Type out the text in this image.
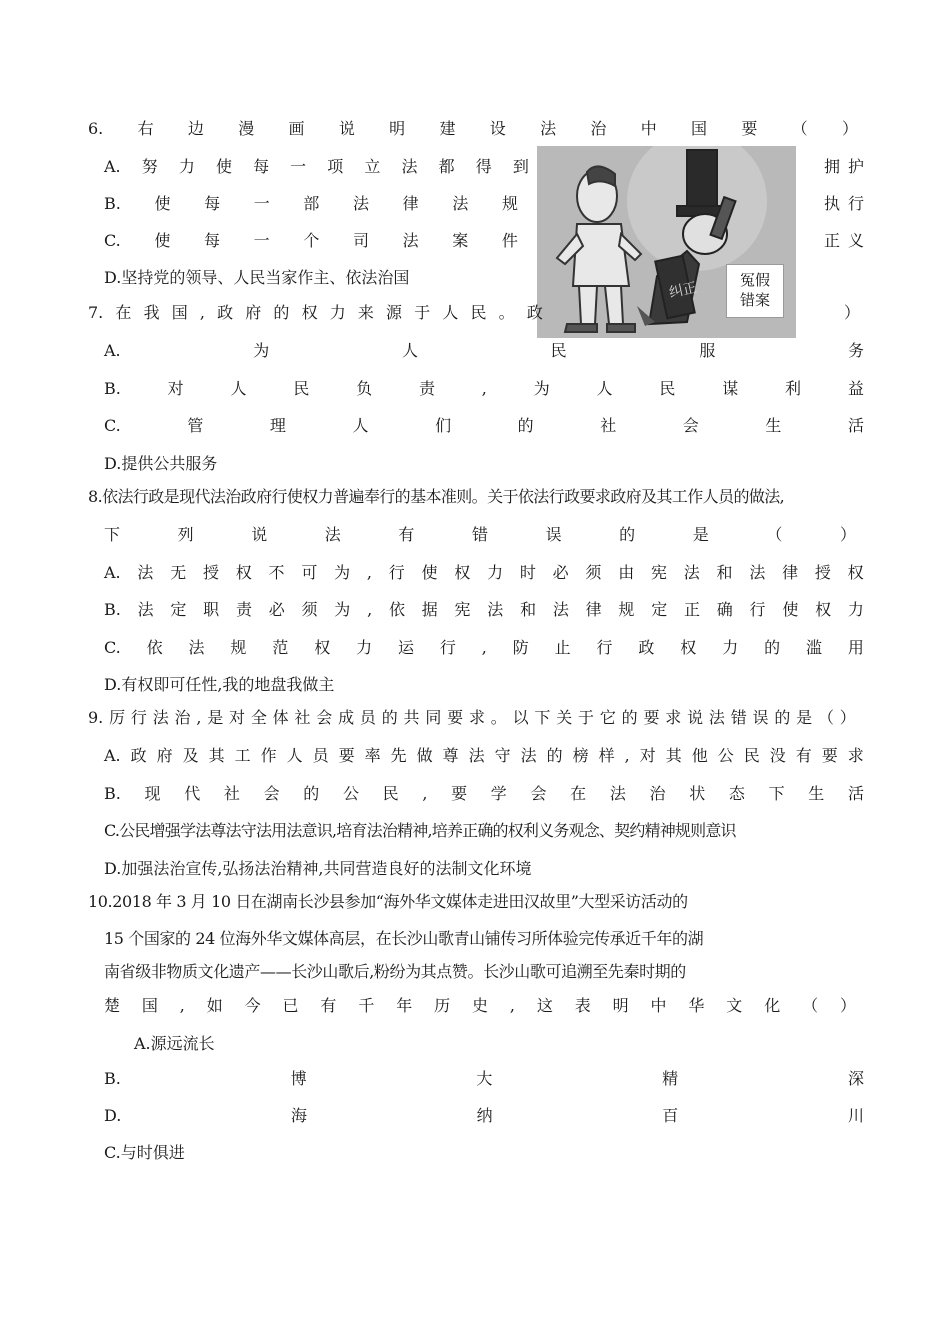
6. 右 边 漫 画 说 明 建 设 法 治 中 国 要 （ ）
A. 努 力 使 每 一 项 立 法 都 得 到	拥 护
B. 使 每 一 部 法 律 法 规	执 行
C. 使 每 一 个 司 法 案 件	正 义
D.坚持党的领导、人民当家作主、依法治国
纠正	冤假
错案
7. 在 我 国 , 政 府 的 权 力 来 源 于 人 民 。 政	）
A.	为	人	民	服	务
B.	对	人	民	负	责	,	为	人	民	谋	利	益
C.	管	理	人	们	的	社	会	生	活
D.提供公共服务
8.依法行政是现代法治政府行使权力普遍奉行的基本准则。关于依法行政要求政府及其工作人员的做法,
下	列	说	法	有	错	误	的	是	（	）
A. 法 无 授 权 不 可 为 , 行 使 权 力 时 必 须 由 宪 法 和 法 律 授 权
B. 法 定 职 责 必 须 为 , 依 据 宪 法 和 法 律 规 定 正 确 行 使 权 力
C. 依 法 规 范 权 力 运 行 , 防 止 行 政 权 力 的 滥 用
D.有权即可任性,我的地盘我做主
9. 厉 行 法 治 , 是 对 全 体 社 会 成 员 的 共 同 要 求 。 以 下 关 于 它 的 要 求 说 法 错 误 的 是 （ ）
A. 政 府 及 其 工 作 人 员 要 率 先 做 尊 法 守 法 的 榜 样 , 对 其 他 公 民 没 有 要 求
B. 现 代 社 会 的 公 民 , 要 学 会 在 法 治 状 态 下 生 活
C.公民增强学法尊法守法用法意识,培育法治精神,培养正确的权利义务观念、契约精神规则意识
D.加强法治宣传,弘扬法治精神,共同营造良好的法制文化环境
10.2018 年 3 月 10 日在湖南长沙县参加“海外华文媒体走进田汉故里”大型采访活动的
15 个国家的 24 位海外华文媒体高层，在长沙山歌青山铺传习所体验完传承近千年的湖
南省级非物质文化遗产——长沙山歌后,粉纷为其点赞。长沙山歌可追溯至先秦时期的
楚 国 , 如 今 已 有 千 年 历 史 , 这 表 明 中 华 文 化 （ ）
A.源远流长
B.	博	大	精	深
D.	海	纳	百	川
C.与时俱进
